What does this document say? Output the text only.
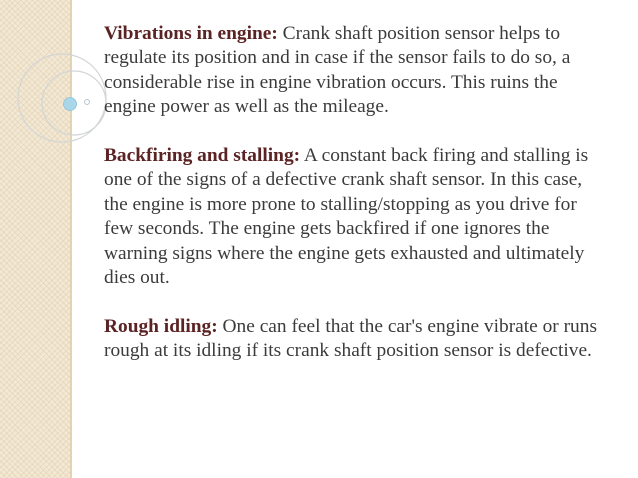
Vibrations in engine: Crank shaft position sensor helps to regulate its position and in case if the sensor fails to do so, a considerable rise in engine vibration occurs. This ruins the engine power as well as the mileage.

Backfiring and stalling: A constant back firing and stalling is one of the signs of a defective crank shaft sensor. In this case, the engine is more prone to stalling/stopping as you drive for few seconds. The engine gets backfired if one ignores the warning signs where the engine gets exhausted and ultimately dies out.

Rough idling: One can feel that the car's engine vibrate or runs rough at its idling if its crank shaft position sensor is defective.
